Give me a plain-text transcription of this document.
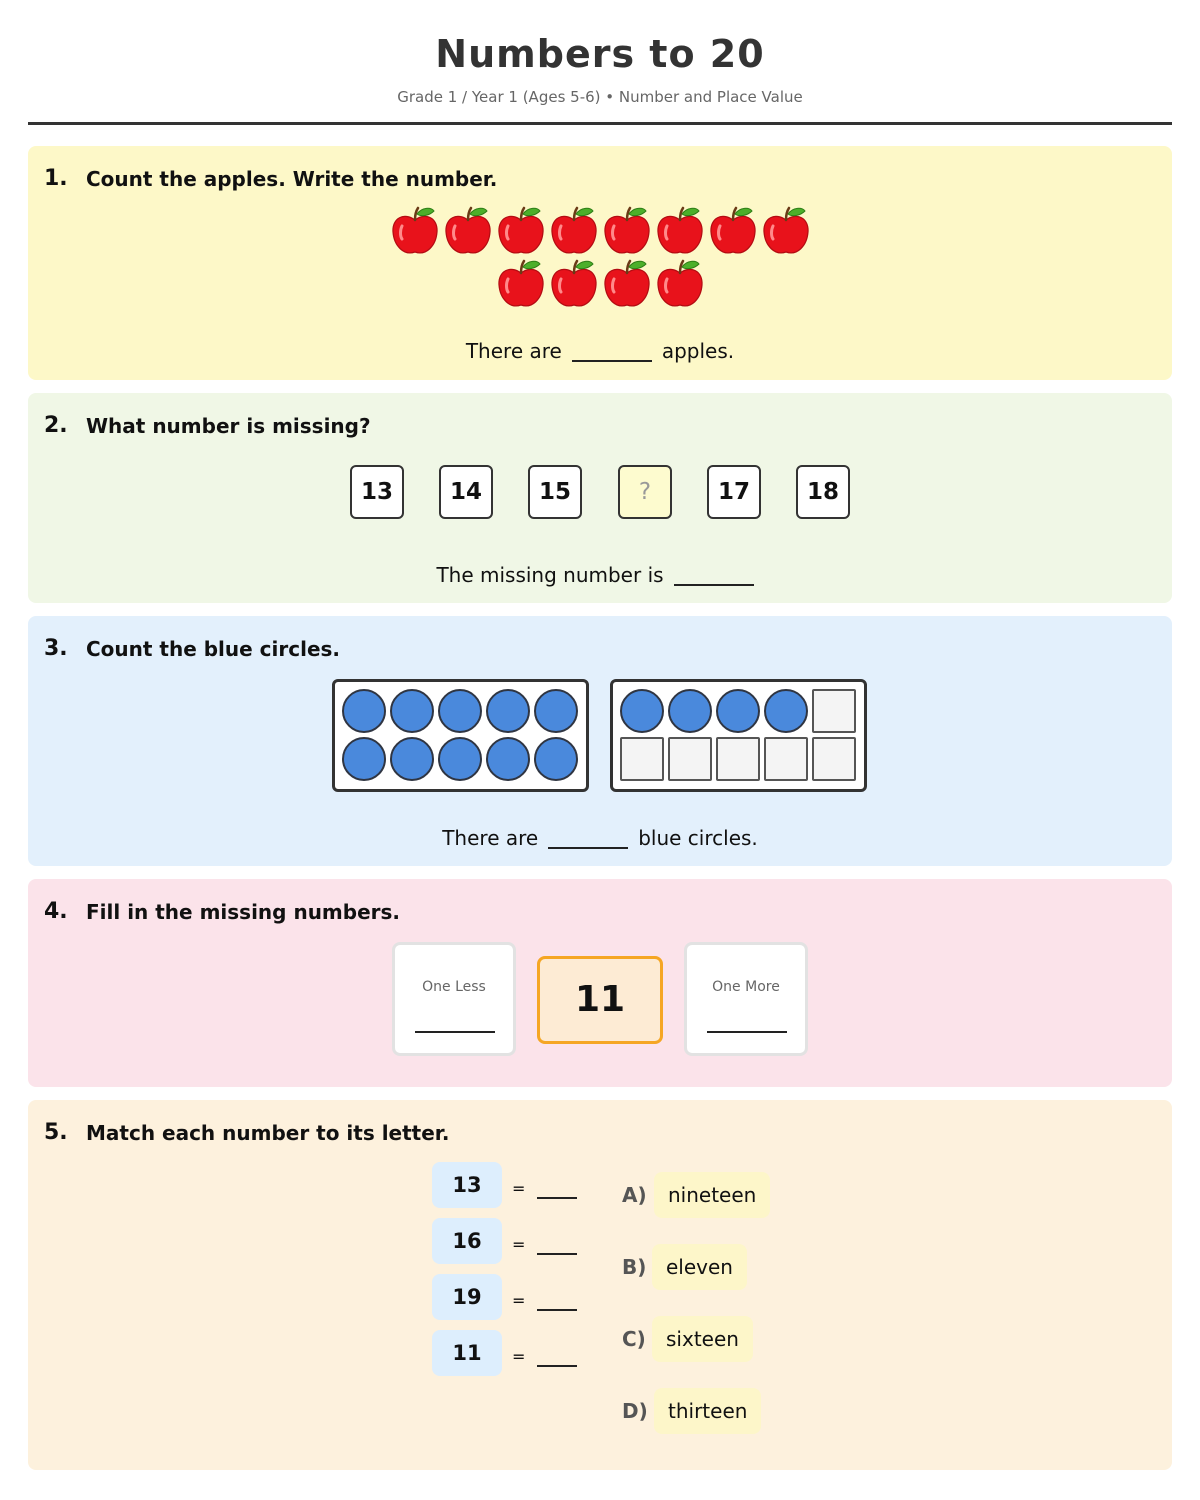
Numbers to 20
Grade 1 / Year 1 (Ages 5-6) • Number and Place Value
1. Count the apples. Write the number.
There are	apples.
2. What number is missing?
13	14	15	?	17	18
The missing number is
3. Count the blue circles.
There are	blue circles.
4. Fill in the missing numbers.
One Less	11	One More
5. Match each number to its letter.
13	=
16	=
19	=
11	=
A)	nineteen
B) eleven
C)	sixteen
D)	thirteen
